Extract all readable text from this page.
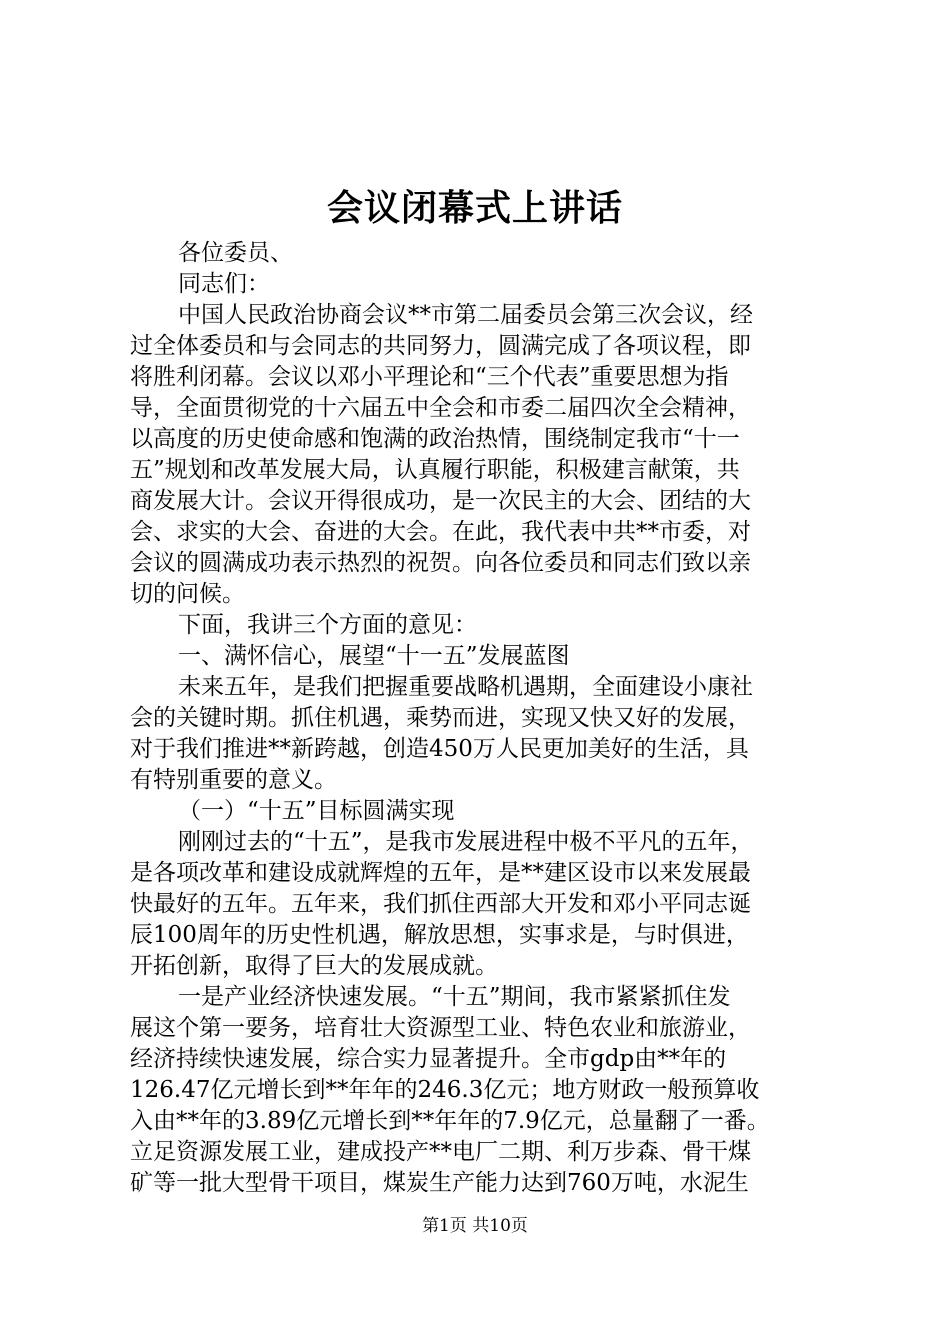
会议闭幕式上讲话
各位委员、
同志们：
中国人民政治协商会议**市第二届委员会第三次会议，经
过全体委员和与会同志的共同努力，圆满完成了各项议程，即
将胜利闭幕。会议以邓小平理论和“三个代表”重要思想为指
导，全面贯彻党的十六届五中全会和市委二届四次全会精神，
以高度的历史使命感和饱满的政治热情，围绕制定我市“十一
五”规划和改革发展大局，认真履行职能，积极建言献策，共
商发展大计。会议开得很成功，是一次民主的大会、团结的大
会、求实的大会、奋进的大会。在此，我代表中共**市委，对
会议的圆满成功表示热烈的祝贺。向各位委员和同志们致以亲
切的问候。
下面，我讲三个方面的意见：
一、满怀信心，展望“十一五”发展蓝图
未来五年，是我们把握重要战略机遇期，全面建设小康社
会的关键时期。抓住机遇，乘势而进，实现又快又好的发展，
对于我们推进**新跨越，创造450万人民更加美好的生活，具
有特别重要的意义。
（一）“十五”目标圆满实现
刚刚过去的“十五”，是我市发展进程中极不平凡的五年，
是各项改革和建设成就辉煌的五年，是**建区设市以来发展最
快最好的五年。五年来，我们抓住西部大开发和邓小平同志诞
辰100周年的历史性机遇，解放思想，实事求是，与时俱进，
开拓创新，取得了巨大的发展成就。
一是产业经济快速发展。“十五”期间，我市紧紧抓住发
展这个第一要务，培育壮大资源型工业、特色农业和旅游业，
经济持续快速发展，综合实力显著提升。全市gdp由**年的
126.47亿元增长到**年年的246.3亿元；地方财政一般预算收
入由**年的3.89亿元增长到**年年的7.9亿元，总量翻了一番。
立足资源发展工业，建成投产**电厂二期、利万步森、骨干煤
矿等一批大型骨干项目，煤炭生产能力达到760万吨，水泥生
第1页 共10页
